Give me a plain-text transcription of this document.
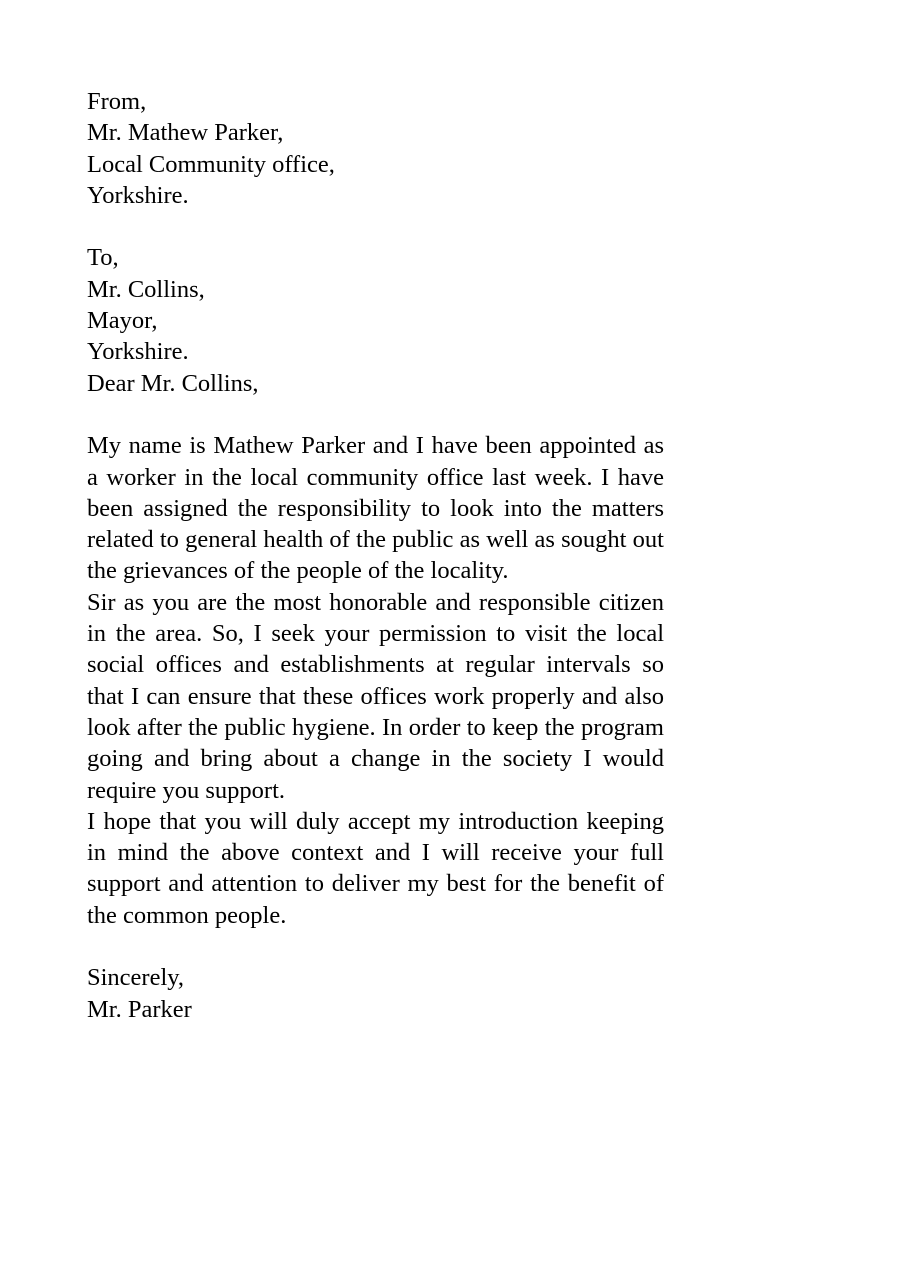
From,
Mr. Mathew Parker,
Local Community office,
Yorkshire.
To,
Mr. Collins,
Mayor,
Yorkshire.
Dear Mr. Collins,

My name is Mathew Parker and I have been appointed as a worker in the local community office last week. I have been assigned the responsibility to look into the matters related to general health of the public as well as sought out the grievances of the people of the locality.

Sir as you are the most honorable and responsible citizen in the area. So, I seek your permission to visit the local social offices and establishments at regular intervals so that I can ensure that these offices work properly and also look after the public hygiene. In order to keep the program going and bring about a change in the society I would require you support.

I hope that you will duly accept my introduction keeping in mind the above context and I will receive your full support and attention to deliver my best for the benefit of the common people.

Sincerely,
Mr. Parker
